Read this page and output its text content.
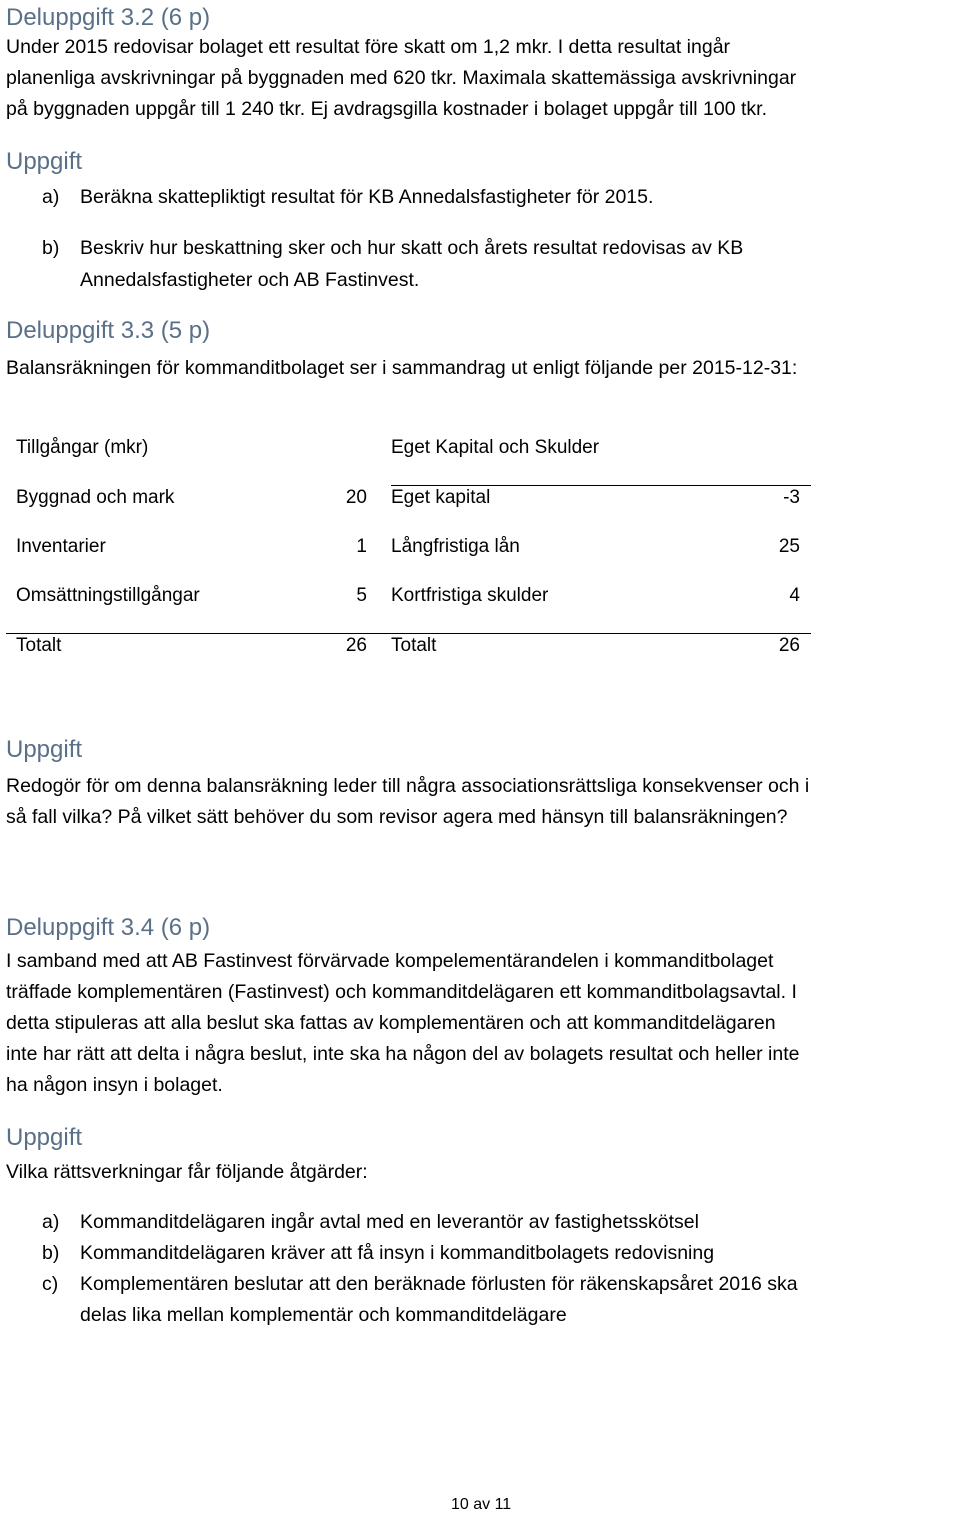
Deluppgift 3.2 (6 p)
Under 2015 redovisar bolaget ett resultat före skatt om 1,2 mkr. I detta resultat ingår
planenliga avskrivningar på byggnaden med 620 tkr. Maximala skattemässiga avskrivningar
på byggnaden uppgår till 1 240 tkr. Ej avdragsgilla kostnader i bolaget uppgår till 100 tkr.
Uppgift
a) Beräkna skattepliktigt resultat för KB Annedalsfastigheter för 2015.
b) Beskriv hur beskattning sker och hur skatt och årets resultat redovisas av KB
Annedalsfastigheter och AB Fastinvest.
Deluppgift 3.3 (5 p)
Balansräkningen för kommanditbolaget ser i sammandrag ut enligt följande per 2015-12-31:
Tillgångar (mkr)	Eget Kapital och Skulder
Byggnad och mark	20 Eget kapital	-3
Inventarier	1 Långfristiga lån	25
Omsättningstillgångar	5 Kortfristiga skulder	4
Totalt	26 Totalt	26
Uppgift
Redogör för om denna balansräkning leder till några associationsrättsliga konsekvenser och i
så fall vilka? På vilket sätt behöver du som revisor agera med hänsyn till balansräkningen?
Deluppgift 3.4 (6 p)
I samband med att AB Fastinvest förvärvade kompelementärandelen i kommanditbolaget
träffade komplementären (Fastinvest) och kommanditdelägaren ett kommanditbolagsavtal. I
detta stipuleras att alla beslut ska fattas av komplementären och att kommanditdelägaren
inte har rätt att delta i några beslut, inte ska ha någon del av bolagets resultat och heller inte
ha någon insyn i bolaget.
Uppgift
Vilka rättsverkningar får följande åtgärder:
a) Kommanditdelägaren ingår avtal med en leverantör av fastighetsskötsel
b) Kommanditdelägaren kräver att få insyn i kommanditbolagets redovisning
c) Komplementären beslutar att den beräknade förlusten för räkenskapsåret 2016 ska
delas lika mellan komplementär och kommanditdelägare
10 av 11
